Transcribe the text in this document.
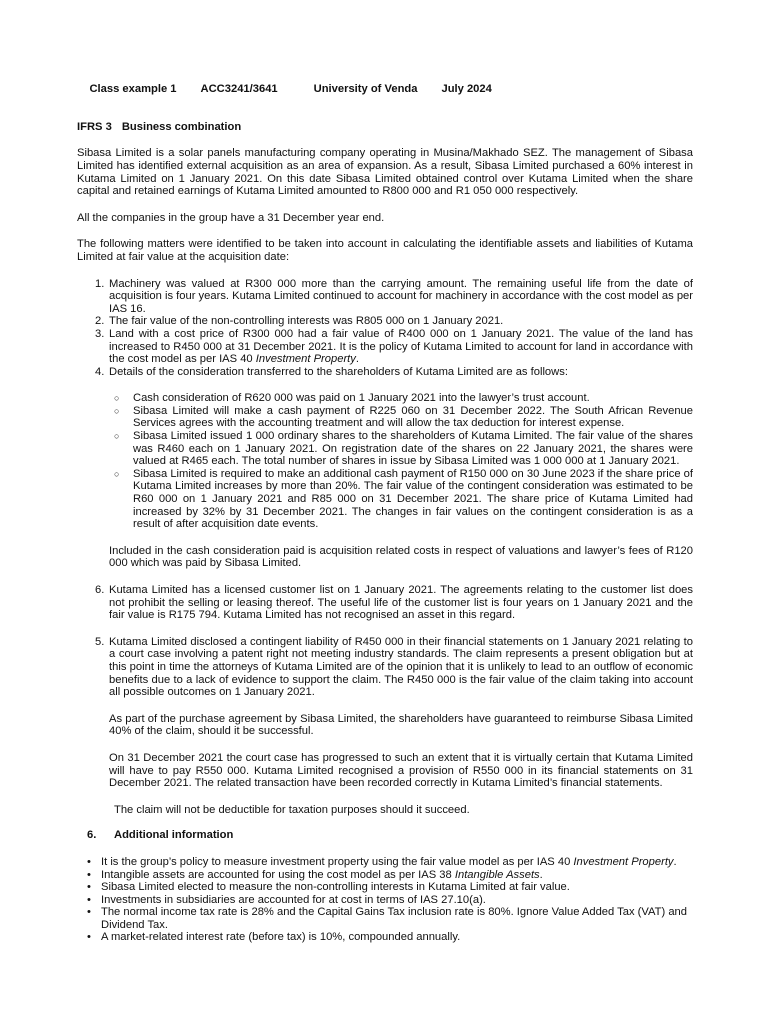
Class example 1 ACC3241/3641	University of Venda July 2024

IFRS 3 Business combination

Sibasa Limited is a solar panels manufacturing company operating in Musina/Makhado SEZ. The management of Sibasa Limited has identified external acquisition as an area of expansion. As a result, Sibasa Limited purchased a 60% interest in Kutama Limited on 1 January 2021. On this date Sibasa Limited obtained control over Kutama Limited when the share capital and retained earnings of Kutama Limited amounted to R800 000 and R1 050 000 respectively.

All the companies in the group have a 31 December year end.

The following matters were identified to be taken into account in calculating the identifiable assets and liabilities of Kutama Limited at fair value at the acquisition date:

1. Machinery was valued at R300 000 more than the carrying amount. The remaining useful life from the date of acquisition is four years. Kutama Limited continued to account for machinery in accordance with the cost model as per IAS 16.
2. The fair value of the non-controlling interests was R805 000 on 1 January 2021.
3. Land with a cost price of R300 000 had a fair value of R400 000 on 1 January 2021. The value of the land has increased to R450 000 at 31 December 2021. It is the policy of Kutama Limited to account for land in accordance with the cost model as per IAS 40 Investment Property.
4. Details of the consideration transferred to the shareholders of Kutama Limited are as follows:
○ Cash consideration of R620 000 was paid on 1 January 2021 into the lawyer’s trust account.
○ Sibasa Limited will make a cash payment of R225 060 on 31 December 2022. The South African Revenue Services agrees with the accounting treatment and will allow the tax deduction for interest expense.
○ Sibasa Limited issued 1 000 ordinary shares to the shareholders of Kutama Limited. The fair value of the shares was R460 each on 1 January 2021. On registration date of the shares on 22 January 2021, the shares were valued at R465 each. The total number of shares in issue by Sibasa Limited was 1 000 000 at 1 January 2021.
○ Sibasa Limited is required to make an additional cash payment of R150 000 on 30 June 2023 if the share price of Kutama Limited increases by more than 20%. The fair value of the contingent consideration was estimated to be R60 000 on 1 January 2021 and R85 000 on 31 December 2021. The share price of Kutama Limited had increased by 32% by 31 December 2021. The changes in fair values on the contingent consideration is as a result of after acquisition date events.

Included in the cash consideration paid is acquisition related costs in respect of valuations and lawyer’s fees of R120 000 which was paid by Sibasa Limited.

6. Kutama Limited has a licensed customer list on 1 January 2021. The agreements relating to the customer list does not prohibit the selling or leasing thereof. The useful life of the customer list is four years on 1 January 2021 and the fair value is R175 794. Kutama Limited has not recognised an asset in this regard.
5. Kutama Limited disclosed a contingent liability of R450 000 in their financial statements on 1 January 2021 relating to a court case involving a patent right not meeting industry standards. The claim represents a present obligation but at this point in time the attorneys of Kutama Limited are of the opinion that it is unlikely to lead to an outflow of economic benefits due to a lack of evidence to support the claim. The R450 000 is the fair value of the claim taking into account all possible outcomes on 1 January 2021.

As part of the purchase agreement by Sibasa Limited, the shareholders have guaranteed to reimburse Sibasa Limited 40% of the claim, should it be successful.

On 31 December 2021 the court case has progressed to such an extent that it is virtually certain that Kutama Limited will have to pay R550 000. Kutama Limited recognised a provision of R550 000 in its financial statements on 31 December 2021. The related transaction have been recorded correctly in Kutama Limited’s financial statements.

The claim will not be deductible for taxation purposes should it succeed.

6. Additional information
• It is the group’s policy to measure investment property using the fair value model as per IAS 40 Investment Property.
• Intangible assets are accounted for using the cost model as per IAS 38 Intangible Assets.
• Sibasa Limited elected to measure the non-controlling interests in Kutama Limited at fair value.
• Investments in subsidiaries are accounted for at cost in terms of IAS 27.10(a).
• The normal income tax rate is 28% and the Capital Gains Tax inclusion rate is 80%. Ignore Value Added Tax (VAT) and Dividend Tax.
• A market-related interest rate (before tax) is 10%, compounded annually.
